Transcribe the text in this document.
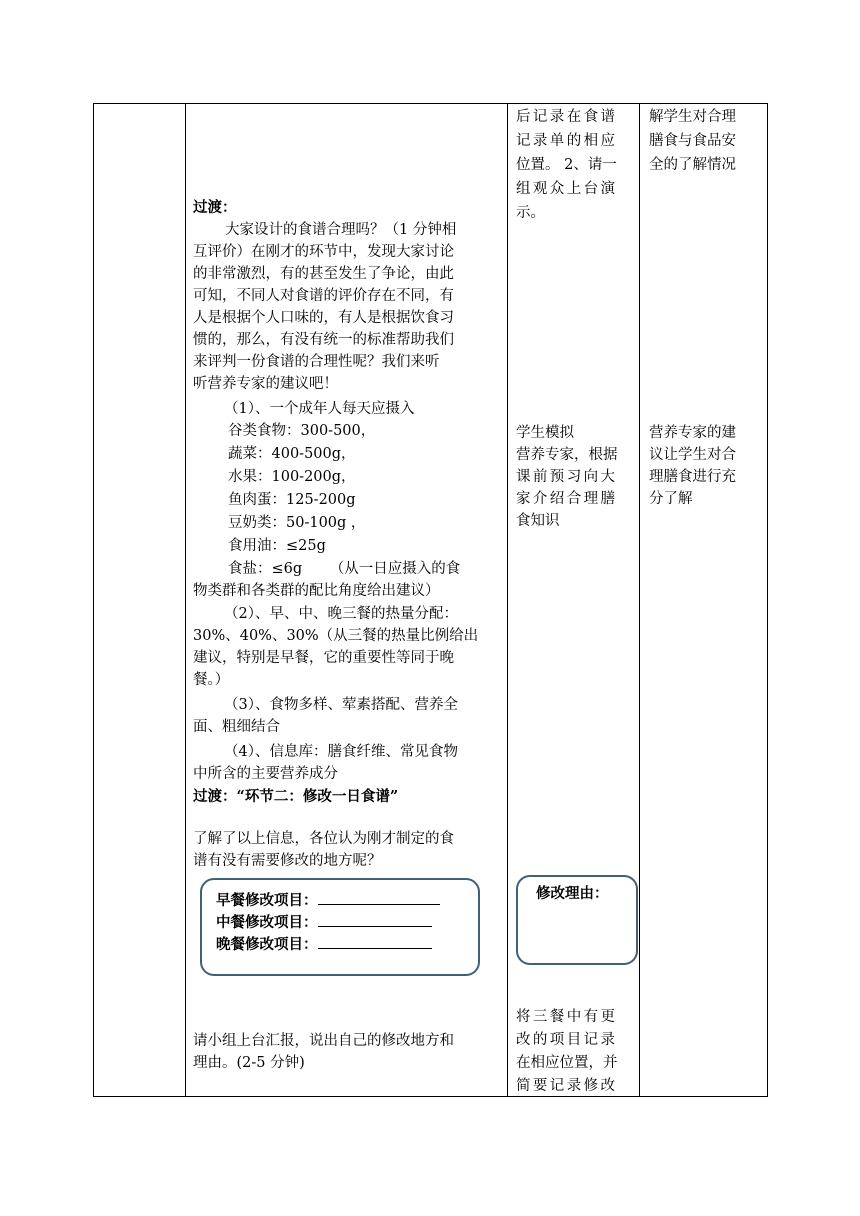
后记录在食谱
记录单的相应
位置。 2、请一
组观众上台演
示。
解学生对合理
膳食与食品安
全的了解情况
过渡：
大家设计的食谱合理吗？（1 分钟相
互评价）在刚才的环节中，发现大家讨论
的非常激烈，有的甚至发生了争论，由此
可知，不同人对食谱的评价存在不同，有
人是根据个人口味的，有人是根据饮食习
惯的，那么，有没有统一的标准帮助我们
来评判一份食谱的合理性呢？我们来听
听营养专家的建议吧！
（1）、一个成年人每天应摄入
谷类食物：300-500，
蔬菜：400-500g，
水果：100-200g，
鱼肉蛋：125-200g
豆奶类：50-100g ，
食用油：≤25g
食盐：≤6g      （从一日应摄入的食
物类群和各类群的配比角度给出建议）
（2）、早、中、晚三餐的热量分配：
30%、40%、30%（从三餐的热量比例给出
建议，特别是早餐，它的重要性等同于晚
餐。）
（3）、食物多样、荤素搭配、营养全
面、粗细结合
（4）、信息库：膳食纤维、常见食物
中所含的主要营养成分
过渡：“环节二：修改一日食谱”
了解了以上信息，各位认为刚才制定的食
谱有没有需要修改的地方呢？
早餐修改项目：
中餐修改项目：
晚餐修改项目：
请小组上台汇报，说出自己的修改地方和
理由。(2-5 分钟)
学生模拟
营养专家，根据
课前预习向大
家介绍合理膳
食知识
营养专家的建
议让学生对合
理膳食进行充
分了解
修改理由：
将三餐中有更
改的项目记录
在相应位置，并
简要记录修改
